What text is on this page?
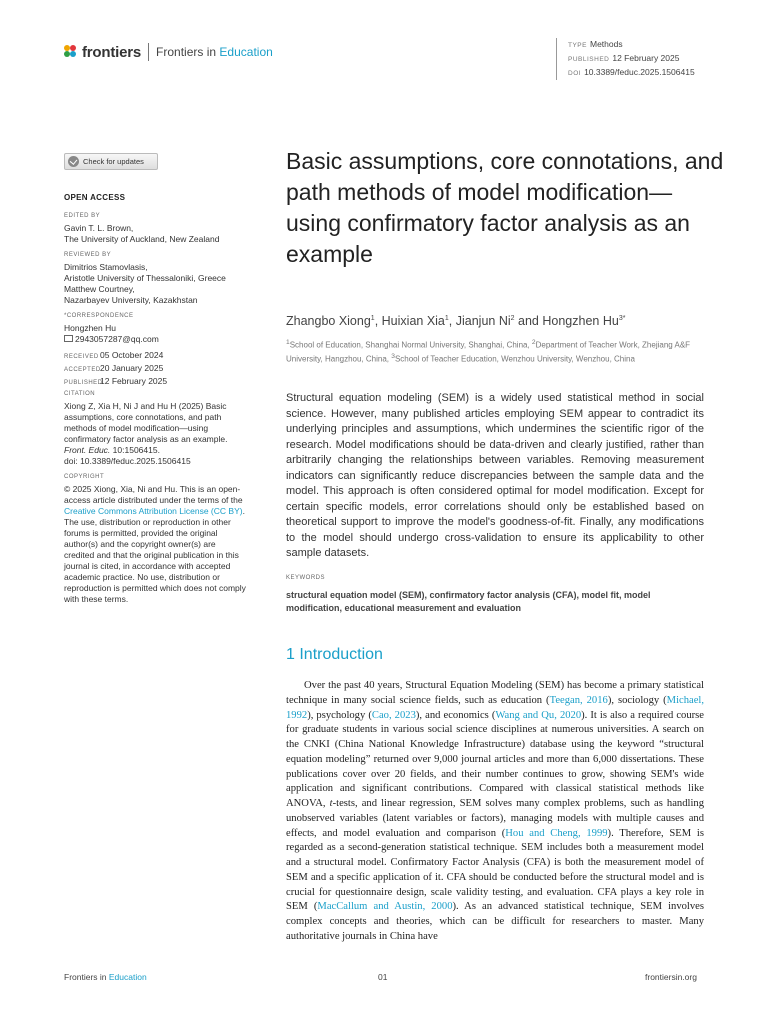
frontiers Frontiers in Education	TYPE Methods
PUBLISHED 12 February 2025
DOI 10.3389/feduc.2025.1506415
Check for updates
OPEN ACCESS
EDITED BY
Gavin T. L. Brown,
The University of Auckland, New Zealand
REVIEWED BY
Dimitrios Stamovlasis,
Aristotle University of Thessaloniki, Greece
Matthew Courtney,
Nazarbayev University, Kazakhstan
*CORRESPONDENCE
Hongzhen Hu
2943057287@qq.com
RECEIVED05 October 2024
ACCEPTED20 January 2025
PUBLISHED12 February 2025
CITATION
Xiong Z, Xia H, Ni J and Hu H (2025) Basic assumptions, core connotations, and path methods of model modification—using confirmatory factor analysis as an example. Front. Educ. 10:1506415.
doi: 10.3389/feduc.2025.1506415
COPYRIGHT
© 2025 Xiong, Xia, Ni and Hu. This is an open-access article distributed under the terms of the Creative Commons Attribution License (CC BY). The use, distribution or reproduction in other forums is permitted, provided the original author(s) and the copyright owner(s) are credited and that the original publication in this journal is cited, in accordance with accepted academic practice. No use, distribution or reproduction is permitted which does not comply with these terms.
Basic assumptions, core connotations, and path methods of model modification—using confirmatory factor analysis as an example
Zhangbo Xiong$^1$, Huixian Xia$^1$, Jianjun Ni$^2$ and Hongzhen $Hu^{3*}$
$^1$School of Education, Shanghai Normal University, Shanghai, China, $^2$Department of Teacher Work, Zhejiang A&F University, Hangzhou, China, $^3$School of Teacher Education, Wenzhou University, Wenzhou, China
Structural equation modeling (SEM) is a widely used statistical method in social science. However, many published articles employing SEM appear to contradict its underlying principles and assumptions, which undermines the scientific rigor of the research. Model modifications should be data-driven and clearly justified, rather than arbitrarily changing the relationships between variables. Removing measurement indicators can significantly reduce discrepancies between the sample data and the model. This approach is often considered optimal for model modification. Except for certain specific models, error correlations should only be established based on theoretical support to improve the model's goodness-of-fit. Finally, any modifications to the model should undergo cross-validation to ensure its applicability to other sample datasets.
KEYWORDS
structural equation model (SEM), confirmatory factor analysis (CFA), model fit, model modification, educational measurement and evaluation
1 Introduction
Over the past 40 years, Structural Equation Modeling (SEM) has become a primary statistical technique in many social science fields, such as education (Teegan, 2016), sociology (Michael, 1992), psychology (Cao, 2023), and economics (Wang and Qu, 2020). It is also a required course for graduate students in various social science disciplines at numerous universities. A search on the CNKI (China National Knowledge Infrastructure) database using the keyword “structural equation modeling” returned over 9,000 journal articles and more than 6,000 dissertations. These publications cover over 20 fields, and their number continues to grow, showing SEM's wide application and significant contributions. Compared with classical statistical methods like ANOVA, t-tests, and linear regression, SEM solves many complex problems, such as handling unobserved variables (latent variables or factors), managing models with multiple causes and effects, and model evaluation and comparison (Hou and Cheng, 1999). Therefore, SEM is regarded as a second-generation statistical technique. SEM includes both a measurement model and a structural model. Confirmatory Factor Analysis (CFA) is both the measurement model of SEM and a specific application of it. CFA should be conducted before the structural model and is crucial for questionnaire design, scale validity testing, and evaluation. CFA plays a key role in SEM (MacCallum and Austin, 2000). As an advanced statistical technique, SEM involves complex concepts and theories, which can be difficult for researchers to master. Many authoritative journals in China have
Frontiers in Education	01	frontiersin.org
